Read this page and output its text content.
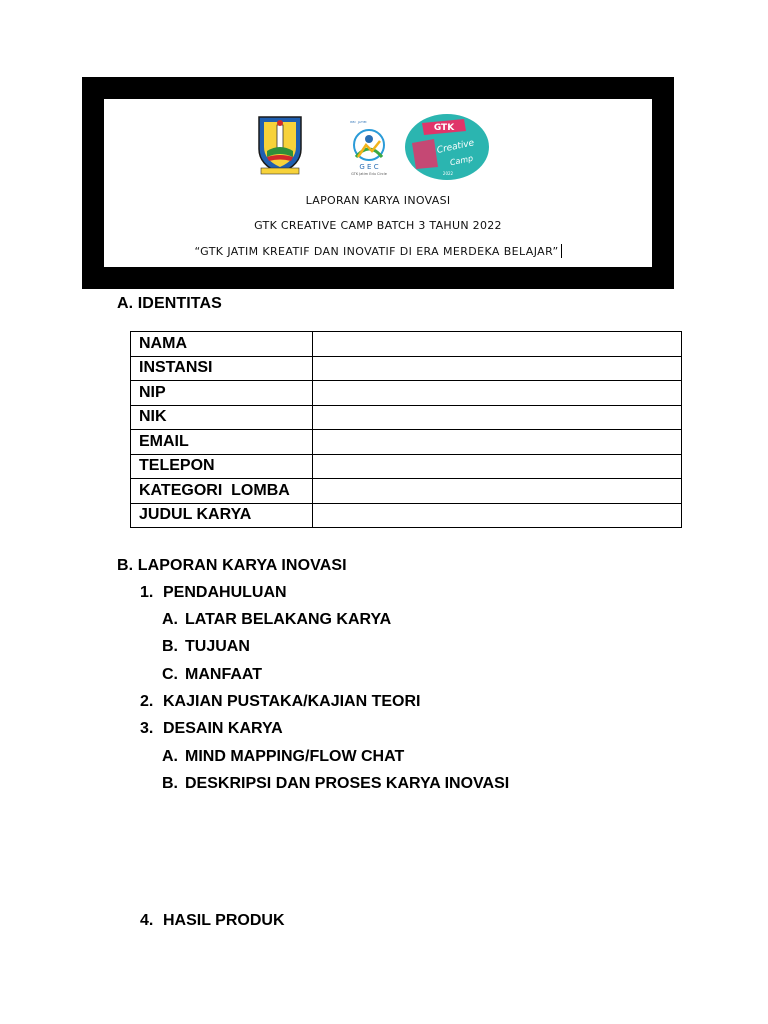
ᴳᴱᶜ ᴶᴬᵀᴵᴹ
G E C
GTK Jatim Edu Circle
GTK
Creative
Camp
2022
LAPORAN KARYA INOVASI
GTK CREATIVE CAMP BATCH 3 TAHUN 2022
“GTK JATIM KREATIF DAN INOVATIF DI ERA MERDEKA BELAJAR”
A. IDENTITAS
NAMA	
INSTANSI	
NIP	
NIK	
EMAIL	
TELEPON	
KATEGORI  LOMBA	
JUDUL KARYA	
B. LAPORAN KARYA INOVASI
1. PENDAHULUAN
A. LATAR BELAKANG KARYA
B. TUJUAN
C. MANFAAT
2. KAJIAN PUSTAKA/KAJIAN TEORI
3. DESAIN KARYA
A. MIND MAPPING/FLOW CHAT
B. DESKRIPSI DAN PROSES KARYA INOVASI
4. HASIL PRODUK
